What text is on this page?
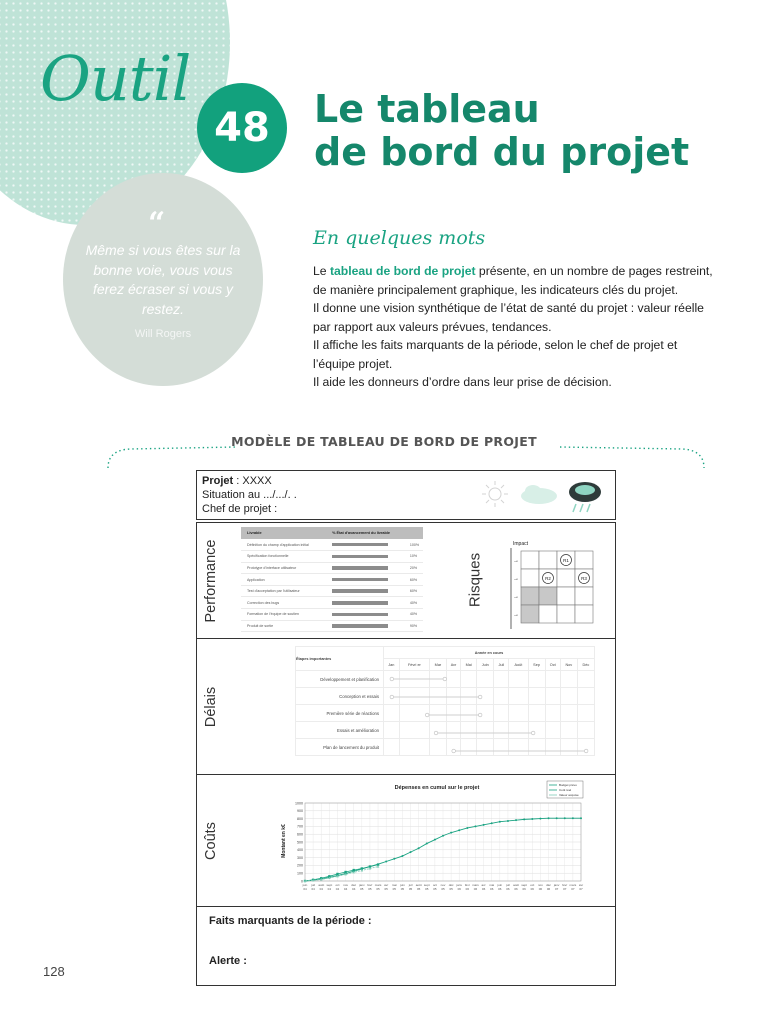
Outil
48	Le tableau
de bord du projet
“
Même si vous êtes sur la bonne voie, vous vous ferez écraser si vous y restez.
Will Rogers
En quelques mots
Le tableau de bord de projet présente, en un nombre de pages restreint, de manière principalement graphique, les indicateurs clés du projet.
Il donne une vision synthétique de l’état de santé du projet : valeur réelle par rapport aux valeurs prévues, tendances.
Il affiche les faits marquants de la période, selon le chef de projet et l’équipe projet.
Il aide les donneurs d’ordre dans leur prise de décision.
MODÈLE DE TABLEAU DE BORD DE PROJET
Projet : XXXX
Situation au .../.../. .
Chef de projet :
Performance
Livrable	% État d'avancement du livrable	
Définition du champ d'application initial		100%
Spécification fonctionnelle		10%
Prototype d'interface utilisateur		20%
Application		60%
Test d'acceptation par l'utilisateur		60%
Correction des bugs		40%
Formation de l'équipe de soutien		40%
Produit de sortie		90%
Risques
Impact
→
→
→
→
R1
R2	R3
Délais
Étapes importantes	Année en cours											
	Jan	Févri er	Mar	Avr	Mai	Juin	Juil	Août	Sep	Oct	Nov	Déc
Développement et planification												
Conception et essais												
Première série de réactions												
Essais et amélioration												
Plan de lancement du produit												
Coûts
Dépenses en cumul sur le projet
Montant en k€
0
100
200
300
400
500
600
700
800
900
1000
juin 04
juil 04
août 04
sept 04
oct 04
nov 04
déc 04
janv 05
févr 05
mars 05
avr 05
mai 05
juin 05
juil 05
août 05
sept 05
oct 05
nov 05
déc 05
janv 06
févr 06
mars 06
avr 06
mai 06
juin 06
juil 06
août 06
sept 06
oct 06
nov 06
déc 06
janv 07
févr 07
mars 07
avr 07
Budget prévu
Coût réel
Valeur acquise
Faits marquants de la période :
Alerte :
128
